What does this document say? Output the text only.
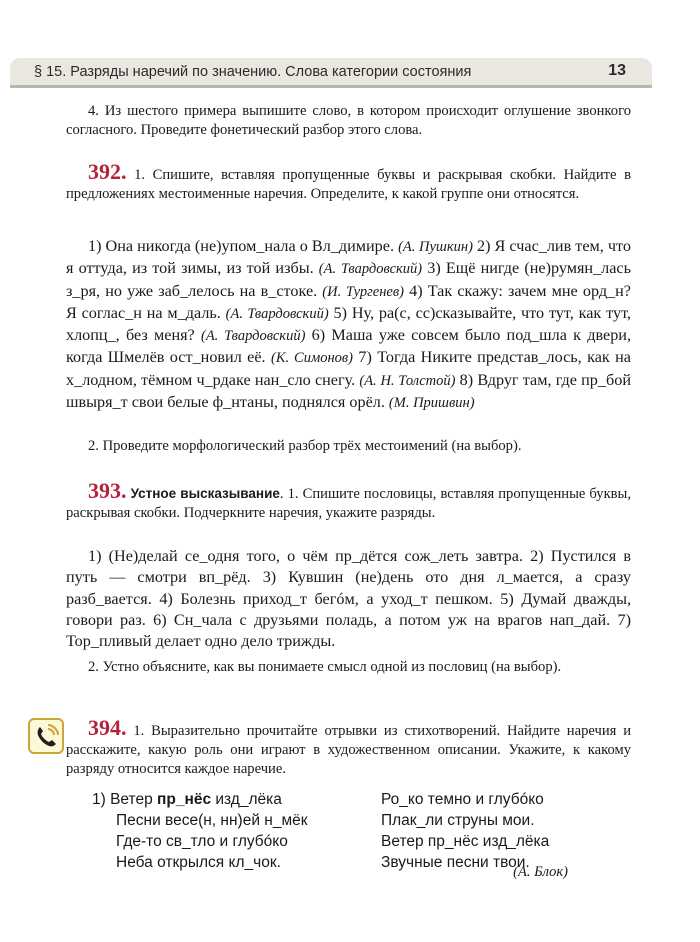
§ 15. Разряды наречий по значению. Слова категории состояния	13
4. Из шестого примера выпишите слово, в котором происходит оглушение звонкого согласного. Проведите фонетический разбор этого слова.
392. 1. Спишите, вставляя пропущенные буквы и раскрывая скобки. Найдите в предложениях местоименные наречия. Определите, к какой группе они относятся.
1) Она никогда (не)упом_нала о Вл_димире. (А. Пушкин) 2) Я счас_лив тем, что я оттуда, из той зимы, из той избы. (А. Твардовский) 3) Ещё нигде (не)румян_лась з_ря, но уже заб_лелось на в_стоке. (И. Тургенев) 4) Так скажу: зачем мне орд_н? Я соглас_н на м_даль. (А. Твардовский) 5) Ну, ра(с, сс)сказывайте, что тут, как тут, хлопц_, без меня? (А. Твардовский) 6) Маша уже совсем было под_шла к двери, когда Шмелёв ост_новил её. (К. Симонов) 7) Тогда Никите представ_лось, как на х_лодном, тёмном ч_рдаке нан_сло снегу. (А. Н. Толстой) 8) Вдруг там, где пр_бой швыря_т свои белые ф_нтаны, поднялся орёл. (М. Пришвин)
2. Проведите морфологический разбор трёх местоимений (на выбор).
393. Устное высказывание. 1. Спишите пословицы, вставляя пропущенные буквы, раскрывая скобки. Подчеркните наречия, укажите разряды.
1) (Не)делай се_одня того, о чём пр_дётся сож_леть завтра. 2) Пустился в путь — смотри вп_рёд. 3) Кувшин (не)день ото дня л_мается, а сразу разб_вается. 4) Болезнь приход_т бегóм, а уход_т пешком. 5) Думай дважды, говори раз. 6) Сн_чала с друзьями поладь, а потом уж на врагов нап_дай. 7) Тор_пливый делает одно дело трижды.
2. Устно объясните, как вы понимаете смысл одной из пословиц (на выбор).
394. 1. Выразительно прочитайте отрывки из стихотворений. Найдите наречия и расскажите, какую роль они играют в художественном описании. Укажите, к какому разряду относится каждое наречие.
1) Ветер пр_нёс изд_лёка
Песни весе(н, нн)ей н_мёк
Где-то св_тло и глубóко
Неба открылся кл_чок.
Ро_ко темно и глубóко
Плак_ли струны мои.
Ветер пр_нёс изд_лёка
Звучные песни твои.
(А. Блок)
